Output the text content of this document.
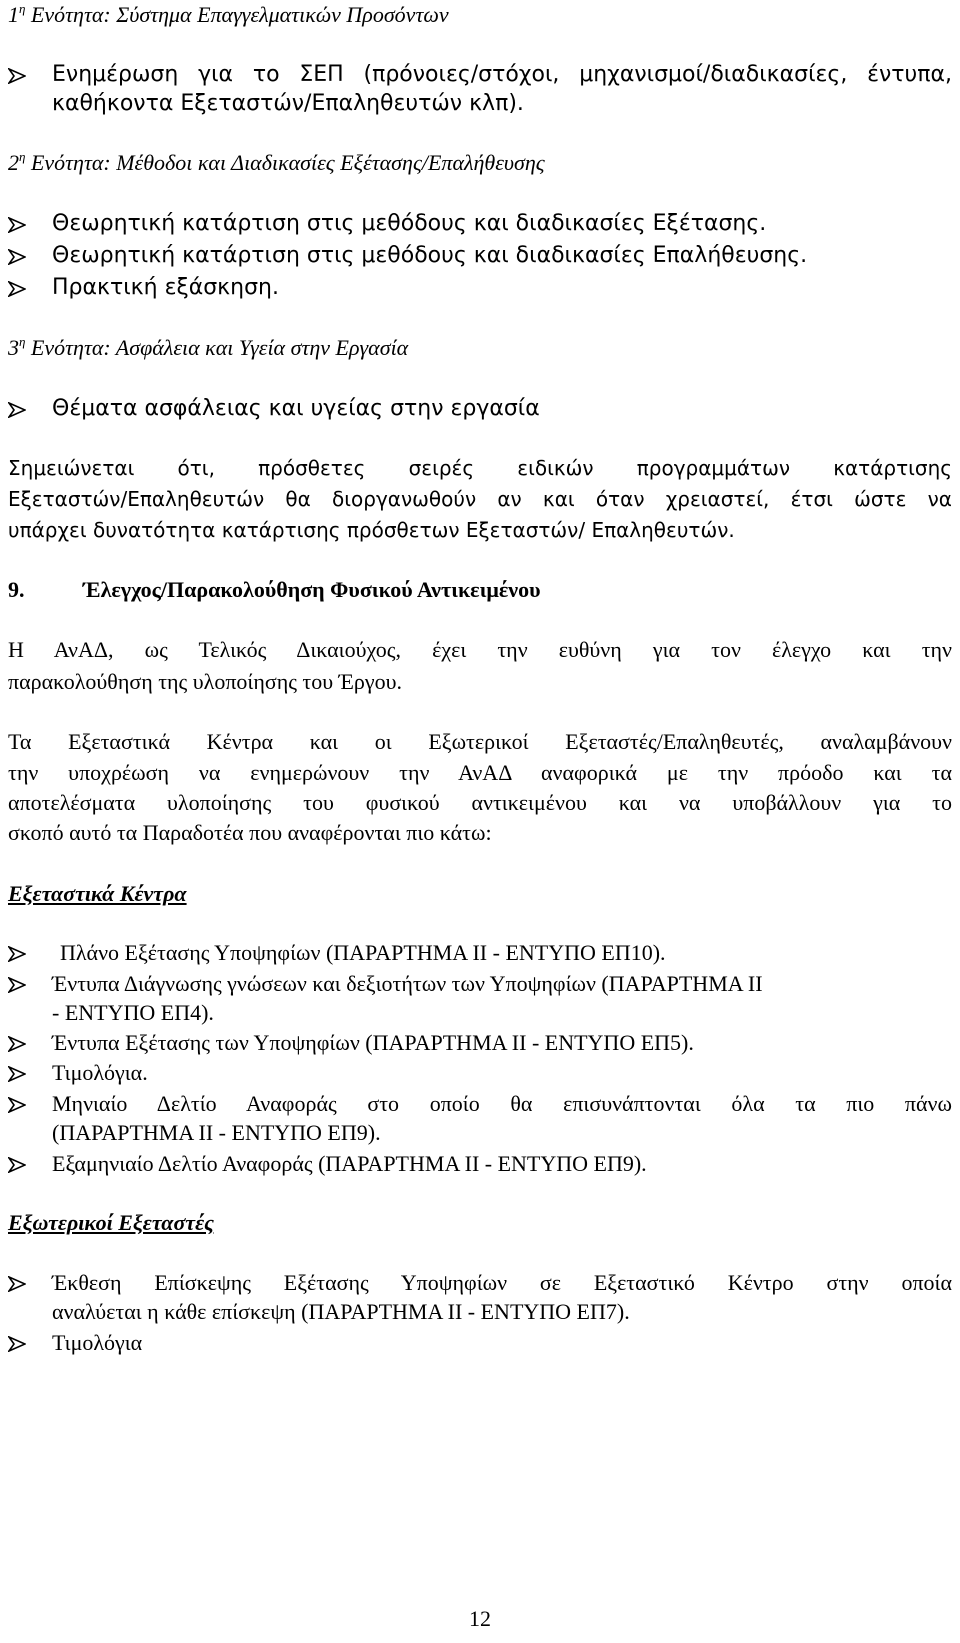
$1^\eta$ Ενότητα: Σύστημα Επαγγελματικών Προσόντων
Ενημέρωση για το ΣΕΠ (πρόνοιες/στόχοι, μηχανισμοί/διαδικασίες, έντυπα,
καθήκοντα Εξεταστών/Επαληθευτών κλπ).
$2^\eta$ Ενότητα: Μέθοδοι και Διαδικασίες Εξέτασης/Επαλήθευσης
Θεωρητική κατάρτιση στις μεθόδους και διαδικασίες Εξέτασης.
Θεωρητική κατάρτιση στις μεθόδους και διαδικασίες Επαλήθευσης.
Πρακτική εξάσκηση.
$3^\eta$ Ενότητα: Ασφάλεια και Υγεία στην Εργασία
Θέματα ασφάλειας και υγείας στην εργασία
Σημειώνεται ότι, πρόσθετες σειρές ειδικών προγραμμάτων κατάρτισης
Εξεταστών/Επαληθευτών θα διοργανωθούν αν και όταν χρειαστεί, έτσι ώστε να
υπάρχει δυνατότητα κατάρτισης πρόσθετων Εξεταστών/ Επαληθευτών.
9.	Έλεγχος/Παρακολούθηση Φυσικού Αντικειμένου
Η ΑνΑΔ, ως Τελικός Δικαιούχος, έχει την ευθύνη για τον έλεγχο και την
παρακολούθηση της υλοποίησης του Έργου.
Τα Εξεταστικά Κέντρα και οι Εξωτερικοί Εξεταστές/Επαληθευτές, αναλαμβάνουν
την υποχρέωση να ενημερώνουν την ΑνΑΔ αναφορικά με την πρόοδο και τα
αποτελέσματα υλοποίησης του φυσικού αντικειμένου και να υποβάλλουν για το
σκοπό αυτό τα Παραδοτέα που αναφέρονται πιο κάτω:
Εξεταστικά Κέντρα
Πλάνο Εξέτασης Υποψηφίων (ΠΑΡΑΡΤΗΜΑ ΙΙ - ΕΝΤΥΠΟ ΕΠ10).
Έντυπα Διάγνωσης γνώσεων και δεξιοτήτων των Υποψηφίων (ΠΑΡΑΡΤΗΜΑ ΙΙ
- ΕΝΤΥΠΟ ΕΠ4).
Έντυπα Εξέτασης των Υποψηφίων (ΠΑΡΑΡΤΗΜΑ ΙΙ - ΕΝΤΥΠΟ ΕΠ5).
Τιμολόγια.
Μηνιαίο Δελτίο Αναφοράς στο οποίο θα επισυνάπτονται όλα τα πιο πάνω
(ΠΑΡΑΡΤΗΜΑ ΙΙ - ΕΝΤΥΠΟ ΕΠ9).
Εξαμηνιαίο Δελτίο Αναφοράς (ΠΑΡΑΡΤΗΜΑ ΙΙ - ΕΝΤΥΠΟ ΕΠ9).
Εξωτερικοί Εξεταστές
Έκθεση Επίσκεψης Εξέτασης Υποψηφίων σε Εξεταστικό Κέντρο στην οποία
αναλύεται η κάθε επίσκεψη (ΠΑΡΑΡΤΗΜΑ ΙΙ - ΕΝΤΥΠΟ ΕΠ7).
Τιμολόγια
12
